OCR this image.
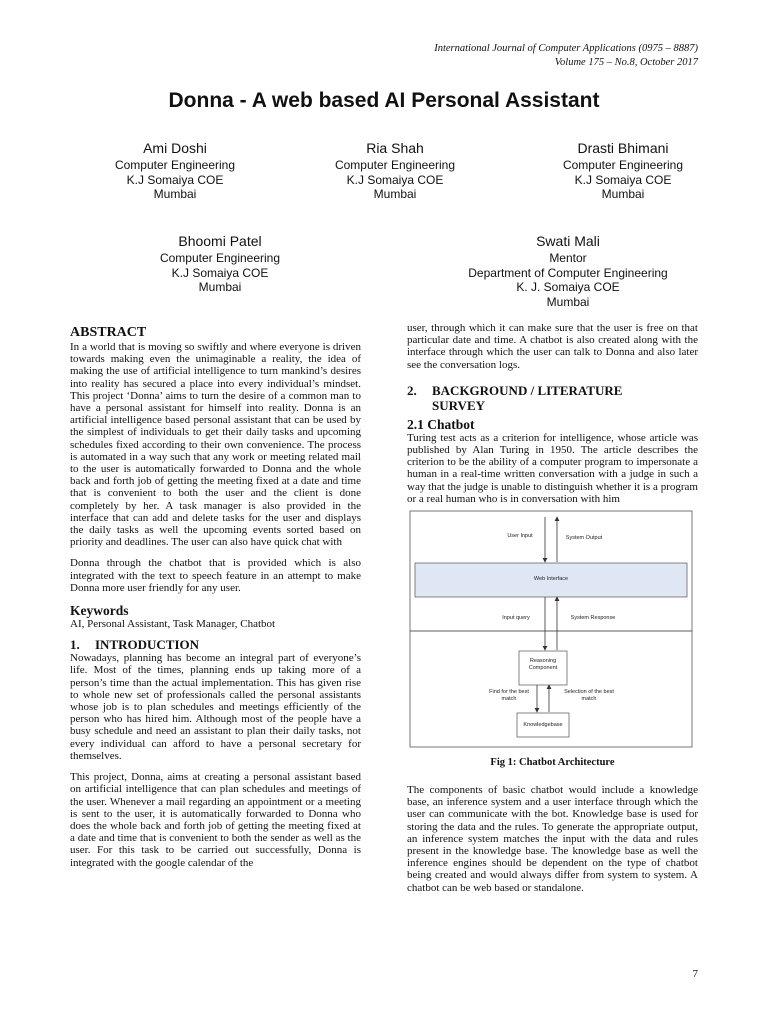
International Journal of Computer Applications (0975 – 8887)
Volume 175 – No.8, October 2017
Donna - A web based AI Personal Assistant
Ami Doshi
Computer Engineering
K.J Somaiya COE
Mumbai
Ria Shah
Computer Engineering
K.J Somaiya COE
Mumbai
Drasti Bhimani
Computer Engineering
K.J Somaiya COE
Mumbai
Bhoomi Patel
Computer Engineering
K.J Somaiya COE
Mumbai
Swati Mali
Mentor
Department of Computer Engineering
K. J. Somaiya COE
Mumbai

ABSTRACT

In a world that is moving so swiftly and where everyone is driven towards making even the unimaginable a reality, the idea of making the use of artificial intelligence to turn mankind’s desires into reality has secured a place into every individual’s mindset. This project ‘Donna’ aims to turn the desire of a common man to have a personal assistant for himself into reality. Donna is an artificial intelligence based personal assistant that can be used by the simplest of individuals to get their daily tasks and upcoming schedules fixed according to their own convenience. The process is automated in a way such that any work or meeting related mail to the user is automatically forwarded to Donna and the whole back and forth job of getting the meeting fixed at a date and time that is convenient to both the user and the client is done completely by her. A task manager is also provided in the interface that can add and delete tasks for the user and displays the daily tasks as well the upcoming events sorted based on priority and deadlines. The user can also have quick chat with

Donna through the chatbot that is provided which is also integrated with the text to speech feature in an attempt to make Donna more user friendly for any user.

Keywords

AI, Personal Assistant, Task Manager, Chatbot

1.	INTRODUCTION

Nowadays, planning has become an integral part of everyone’s life. Most of the times, planning ends up taking more of a person’s time than the actual implementation. This has given rise to whole new set of professionals called the personal assistants whose job is to plan schedules and meetings efficiently of the person who has hired him. Although most of the people have a busy schedule and need an assistant to plan their daily tasks, not every individual can afford to have a personal secretary for themselves.

This project, Donna, aims at creating a personal assistant based on artificial intelligence that can plan schedules and meetings of the user. Whenever a mail regarding an appointment or a meeting is sent to the user, it is automatically forwarded to Donna who does the whole back and forth job of getting the meeting fixed at a date and time that is convenient to both the sender as well as the user. For this task to be carried out successfully, Donna is integrated with the google calendar of the

user, through which it can make sure that the user is free on that particular date and time. A chatbot is also created along with the interface through which the user can talk to Donna and also later see the conversation logs.

2.	BACKGROUND / LITERATURE
SURVEY

2.1 Chatbot

Turing test acts as a criterion for intelligence, whose article was published by Alan Turing in 1950. The article describes the criterion to be the ability of a computer program to impersonate a human in a real-time written conversation with a judge in such a way that the judge is unable to distinguish whether it is a program or a real human who is in conversation with him

User Input	System Output
Web Interface
Input query	System Response
Reasoning Component
Find for the best match
Selection of the best match
Knowledgebase
Fig 1: Chatbot Architecture

The components of basic chatbot would include a knowledge base, an inference system and a user interface through which the user can communicate with the bot. Knowledge base is used for storing the data and the rules. To generate the appropriate output, an inference system matches the input with the data and rules present in the knowledge base. The knowledge base as well the inference engines should be dependent on the type of chatbot being created and would always differ from system to system. A chatbot can be web based or standalone.

7
